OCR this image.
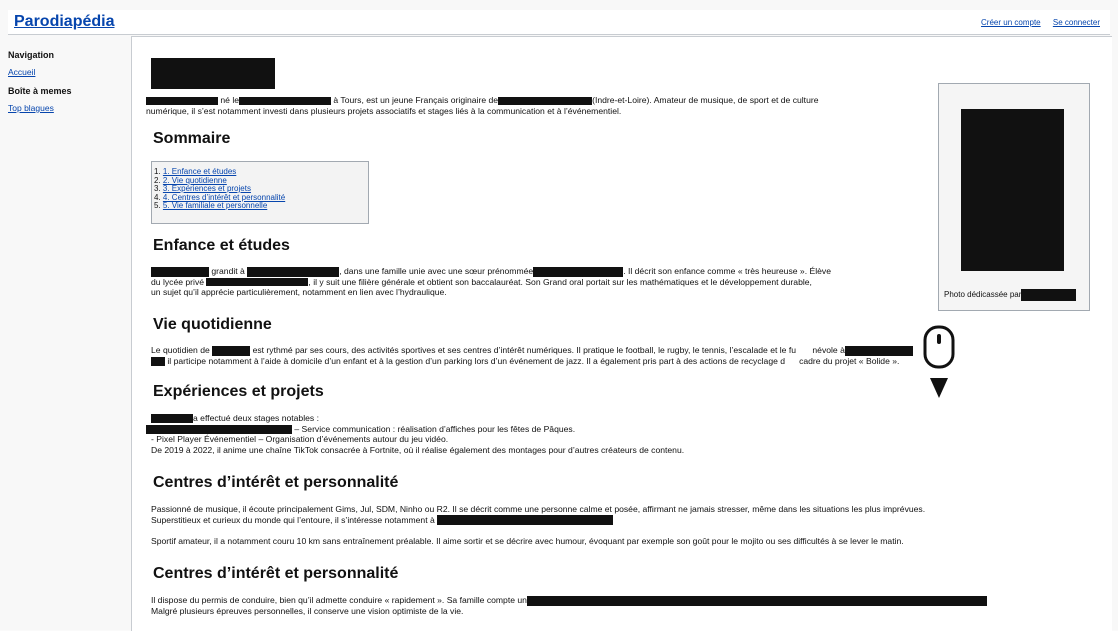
Parodiapédia	Créer un compte Se connecter
Navigation
Accueil
Boîte à memes
Top blagues
né le	à Tours, est un jeune Français originaire de	(Indre-et-Loire). Amateur de musique, de sport et de culture
numérique, il s’est notamment investi dans plusieurs projets associatifs et stages liés à la communication et à l’événementiel.
Sommaire
1. 1. Enfance et études
2. 2. Vie quotidienne
3. 3. Expériences et projets
4. 4. Centres d’intérêt et personnalité
5. 5. Vie familiale et personnelle
Enfance et études
grandit à	, dans une famille unie avec une sœur prénommée	. Il décrit son enfance comme « très heureuse ». Élève
du lycée privé	, il y suit une filière générale et obtient son baccalauréat. Son Grand oral portait sur les mathématiques et le développement durable,
un sujet qu’il apprécie particulièrement, notamment en lien avec l’hydraulique.
Vie quotidienne
Le quotidien de	est rythmé par ses cours, des activités sportives et ses centres d’intérêt numériques. Il pratique le football, le rugby, le tennis, l’escalade et le fu névole à
il participe notamment à l’aide à domicile d’un enfant et à la gestion d’un parking lors d’un événement de jazz. Il a également pris part à des actions de recyclage d cadre du projet « Bolide ».
Expériences et projets
a effectué deux stages notables :
– Service communication : réalisation d’affiches pour les fêtes de Pâques.
- Pixel Player Événementiel – Organisation d’événements autour du jeu vidéo.
De 2019 à 2022, il anime une chaîne TikTok consacrée à Fortnite, où il réalise également des montages pour d’autres créateurs de contenu.
Centres d’intérêt et personnalité
Passionné de musique, il écoute principalement Gims, Jul, SDM, Ninho ou R2. Il se décrit comme une personne calme et posée, affirmant ne jamais stresser, même dans les situations les plus imprévues.
Superstitieux et curieux du monde qui l’entoure, il s’intéresse notamment à

Sportif amateur, il a notamment couru 10 km sans entraînement préalable. Il aime sortir et se décrire avec humour, évoquant par exemple son goût pour le mojito ou ses difficultés à se lever le matin.
Centres d’intérêt et personnalité
Il dispose du permis de conduire, bien qu’il admette conduire « rapidement ». Sa famille compte un
Malgré plusieurs épreuves personnelles, il conserve une vision optimiste de la vie.
Photo dédicassée par
